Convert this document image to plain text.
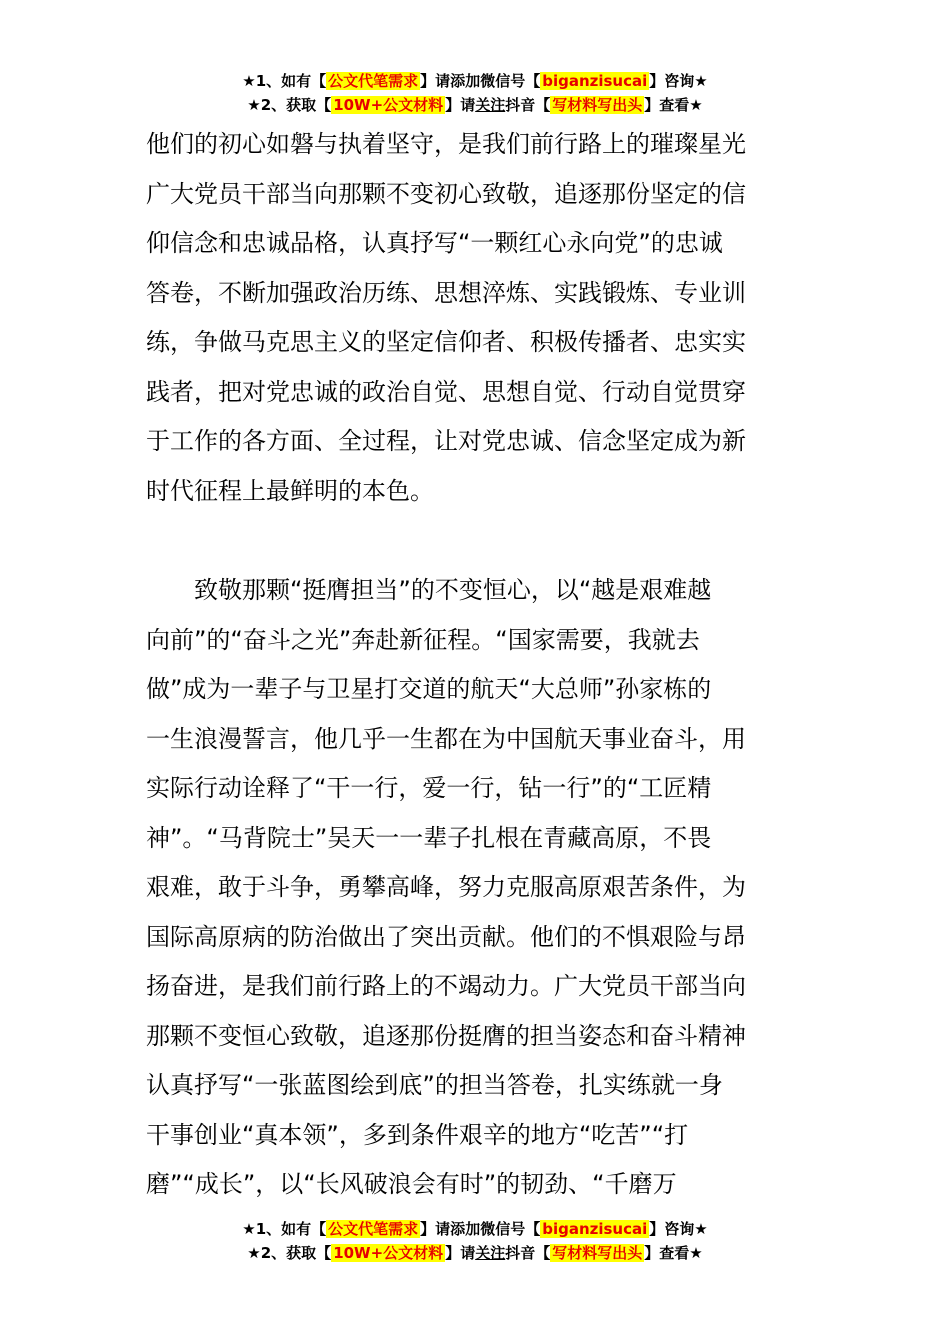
★1、如有【 公文代笔需求 】请添加微信号【 biganzisucai 】咨询★
★2、获取【 10W+公文材料 】请关注抖音【 写材料写出头 】查看★
他们的初心如磐与执着坚守，是我们前行路上的璀璨星光
广大党员干部当向那颗不变初心致敬，追逐那份坚定的信
仰信念和忠诚品格，认真抒写“一颗红心永向党”的忠诚
答卷，不断加强政治历练、思想淬炼、实践锻炼、专业训
练，争做马克思主义的坚定信仰者、积极传播者、忠实实
践者，把对党忠诚的政治自觉、思想自觉、行动自觉贯穿
于工作的各方面、全过程，让对党忠诚、信念坚定成为新
时代征程上最鲜明的本色。
　　致敬那颗“挺膺担当”的不变恒心，以“越是艰难越
向前”的“奋斗之光”奔赴新征程。“国家需要，我就去
做”成为一辈子与卫星打交道的航天“大总师”孙家栋的
一生浪漫誓言，他几乎一生都在为中国航天事业奋斗，用
实际行动诠释了“干一行，爱一行，钻一行”的“工匠精
神”。“马背院士”吴天一一辈子扎根在青藏高原，不畏
艰难，敢于斗争，勇攀高峰，努力克服高原艰苦条件，为
国际高原病的防治做出了突出贡献。他们的不惧艰险与昂
扬奋进，是我们前行路上的不竭动力。广大党员干部当向
那颗不变恒心致敬，追逐那份挺膺的担当姿态和奋斗精神
认真抒写“一张蓝图绘到底”的担当答卷，扎实练就一身
干事创业“真本领”，多到条件艰辛的地方“吃苦”“打
磨”“成长”，以“长风破浪会有时”的韧劲、“千磨万
★1、如有【 公文代笔需求 】请添加微信号【 biganzisucai 】咨询★
★2、获取【 10W+公文材料 】请关注抖音【 写材料写出头 】查看★
